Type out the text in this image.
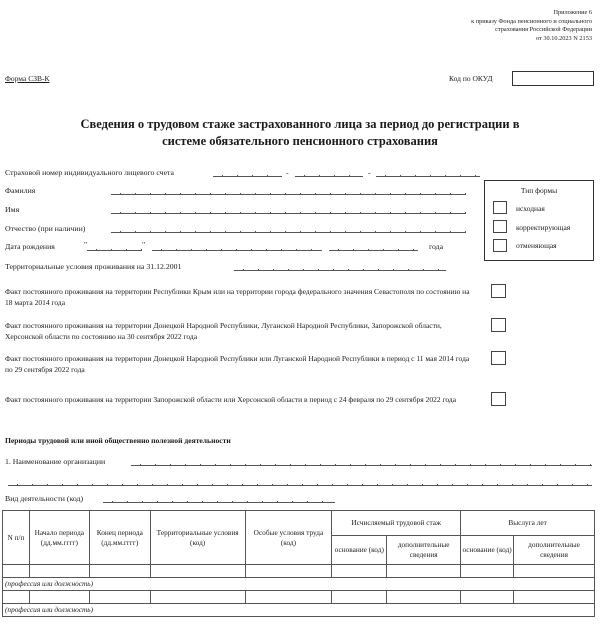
Приложение 6
к приказу Фонда пенсионного и социального
страхования Российской Федерации
от 30.10.2023 N 2153
Форма СЗВ-К	Код по ОКУД
Сведения о трудовом стаже застрахованного лица за период до регистрации в
системе обязательного пенсионного страхования
Страховой номер индивидуального лицевого счета	-	-
Фамилия
Имя
Отчество (при наличии)
Дата рождения	"	"	года
Территориальные условия проживания на 31.12.2001
Тип формы
исходная
корректирующая
отменяющая
Факт постоянного проживания на территории Республики Крым или на территории города федерального значения Севастополя по состоянию на 18 марта 2014 года
Факт постоянного проживания на территории Донецкой Народной Республики, Луганской Народной Республики, Запорожской области, Херсонской области по состоянию на 30 сентября 2022 года
Факт постоянного проживания на территории Донецкой Народной Республики или Луганской Народной Республики в период с 11 мая 2014 года по 29 сентября 2022 года
Факт постоянного проживания на территории Запорожской области или Херсонской области в период с 24 февраля по 29 сентября 2022 года
Периоды трудовой или иной общественно полезной деятельности
1. Наименование организации
Вид деятельности (код)
N п/п	Начало периода (дд.мм.гггг)	Конец периода (дд.мм.гггг)	Территориальные условия (код)	Особые условия труда (код)	Исчисляемый трудовой стаж		Выслуга лет	
					основание (код)	дополнительные сведения	основание (код)	дополнительные сведения

(профессия или должность)								

(профессия или должность)								
